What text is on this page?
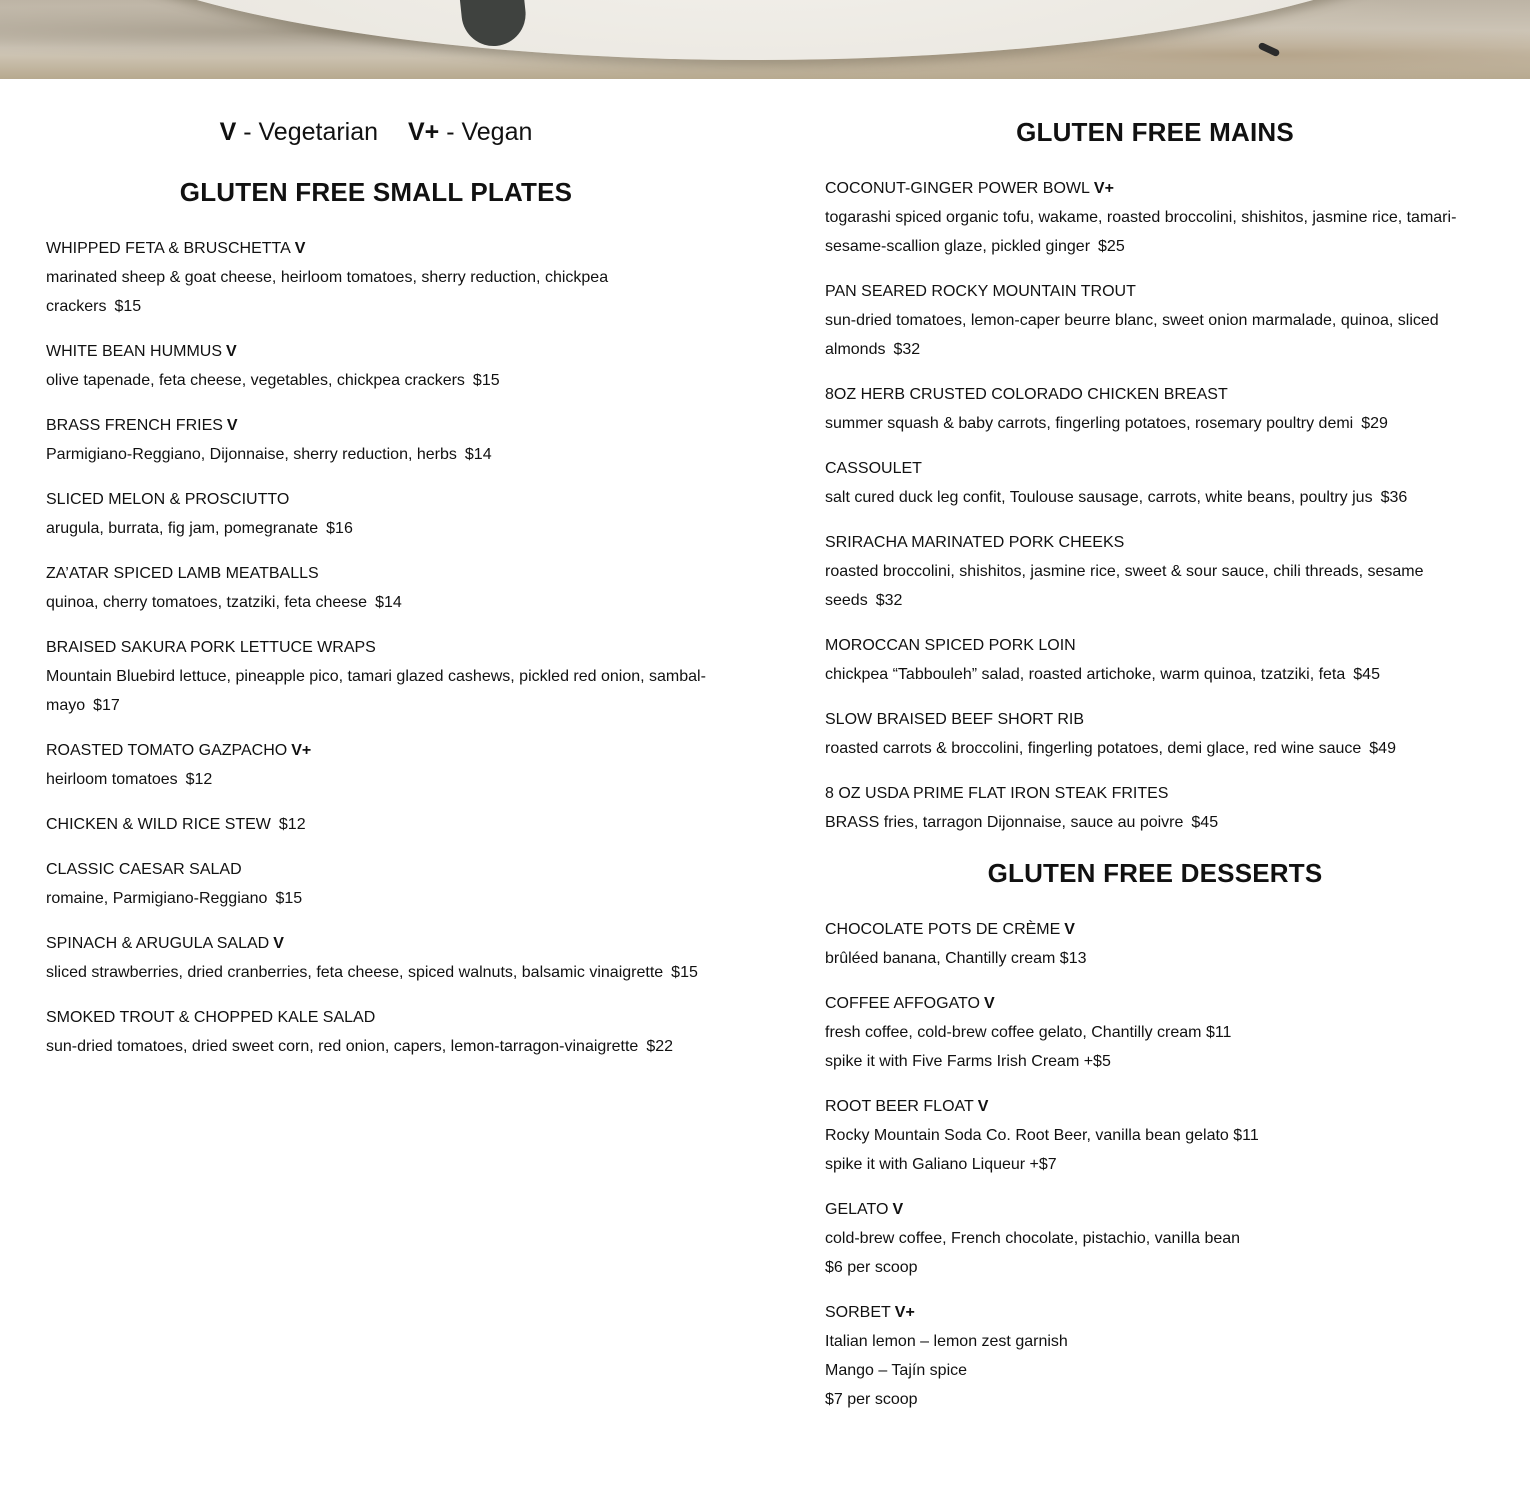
V - Vegetarian V+ - Vegan
GLUTEN FREE SMALL PLATES
WHIPPED FETA & BRUSCHETTA V
marinated sheep & goat cheese, heirloom tomatoes, sherry reduction, chickpea crackers $15
WHITE BEAN HUMMUS V
olive tapenade, feta cheese, vegetables, chickpea crackers $15
BRASS FRENCH FRIES V
Parmigiano-Reggiano, Dijonnaise, sherry reduction, herbs $14
SLICED MELON & PROSCIUTTO
arugula, burrata, fig jam, pomegranate $16
ZA’ATAR SPICED LAMB MEATBALLS
quinoa, cherry tomatoes, tzatziki, feta cheese $14
BRAISED SAKURA PORK LETTUCE WRAPS
Mountain Bluebird lettuce, pineapple pico, tamari glazed cashews, pickled red onion, sambal-mayo $17
ROASTED TOMATO GAZPACHO V+
heirloom tomatoes $12
CHICKEN & WILD RICE STEW $12
CLASSIC CAESAR SALAD
romaine, Parmigiano-Reggiano $15
SPINACH & ARUGULA SALAD V
sliced strawberries, dried cranberries, feta cheese, spiced walnuts, balsamic vinaigrette $15
SMOKED TROUT & CHOPPED KALE SALAD
sun-dried tomatoes, dried sweet corn, red onion, capers, lemon-tarragon-vinaigrette $22
GLUTEN FREE MAINS
COCONUT-GINGER POWER BOWL V+
togarashi spiced organic tofu, wakame, roasted broccolini, shishitos, jasmine rice, tamari-sesame-scallion glaze, pickled ginger $25
PAN SEARED ROCKY MOUNTAIN TROUT
sun-dried tomatoes, lemon-caper beurre blanc, sweet onion marmalade, quinoa, sliced almonds $32
8OZ HERB CRUSTED COLORADO CHICKEN BREAST
summer squash & baby carrots, fingerling potatoes, rosemary poultry demi $29
CASSOULET
salt cured duck leg confit, Toulouse sausage, carrots, white beans, poultry jus $36
SRIRACHA MARINATED PORK CHEEKS
roasted broccolini, shishitos, jasmine rice, sweet & sour sauce, chili threads, sesame seeds $32
MOROCCAN SPICED PORK LOIN
chickpea “Tabbouleh” salad, roasted artichoke, warm quinoa, tzatziki, feta $45
SLOW BRAISED BEEF SHORT RIB
roasted carrots & broccolini, fingerling potatoes, demi glace, red wine sauce $49
8 OZ USDA PRIME FLAT IRON STEAK FRITES
BRASS fries, tarragon Dijonnaise, sauce au poivre $45
GLUTEN FREE DESSERTS
CHOCOLATE POTS DE CRÈME V
brûléed banana, Chantilly cream $13
COFFEE AFFOGATO V
fresh coffee, cold-brew coffee gelato, Chantilly cream $11
spike it with Five Farms Irish Cream +$5
ROOT BEER FLOAT V
Rocky Mountain Soda Co. Root Beer, vanilla bean gelato $11
spike it with Galiano Liqueur +$7
GELATO V
cold-brew coffee, French chocolate, pistachio, vanilla bean
$6 per scoop
SORBET V+
Italian lemon – lemon zest garnish
Mango – Tajín spice
$7 per scoop
